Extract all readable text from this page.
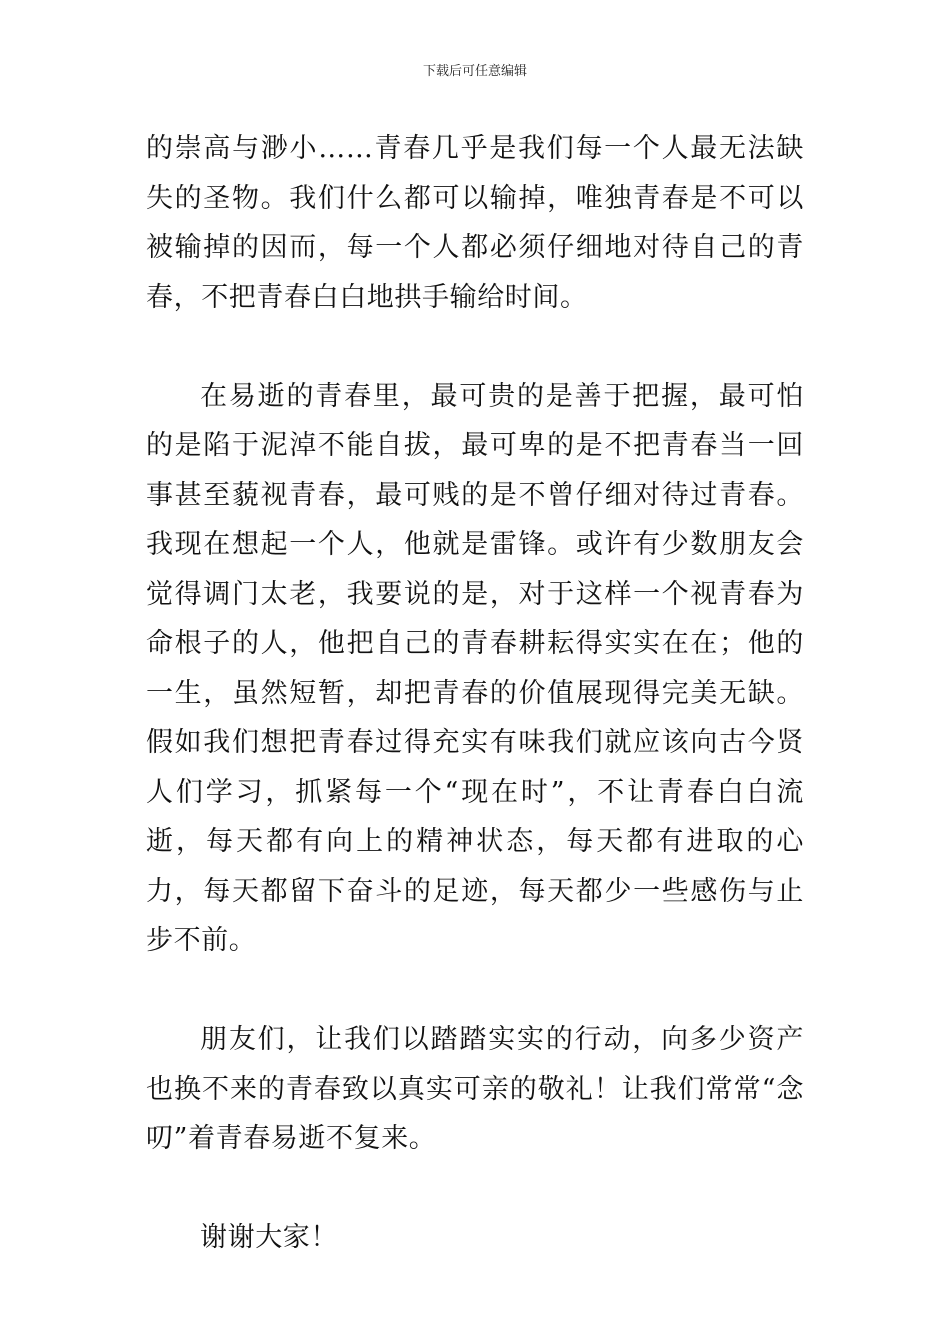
下载后可任意编辑

的崇高与渺小……青春几乎是我们每一个人最无法缺失的圣物。我们什么都可以输掉，唯独青春是不可以被输掉的因而，每一个人都必须仔细地对待自己的青春，不把青春白白地拱手输给时间。

在易逝的青春里，最可贵的是善于把握，最可怕的是陷于泥淖不能自拔，最可卑的是不把青春当一回事甚至藐视青春，最可贱的是不曾仔细对待过青春。我现在想起一个人，他就是雷锋。或许有少数朋友会觉得调门太老，我要说的是，对于这样一个视青春为命根子的人，他把自己的青春耕耘得实实在在；他的一生，虽然短暂，却把青春的价值展现得完美无缺。假如我们想把青春过得充实有味我们就应该向古今贤人们学习，抓紧每一个“现在时”，不让青春白白流逝，每天都有向上的精神状态，每天都有进取的心力，每天都留下奋斗的足迹，每天都少一些感伤与止步不前。

朋友们，让我们以踏踏实实的行动，向多少资产也换不来的青春致以真实可亲的敬礼！让我们常常“念叨”着青春易逝不复来。

谢谢大家！
